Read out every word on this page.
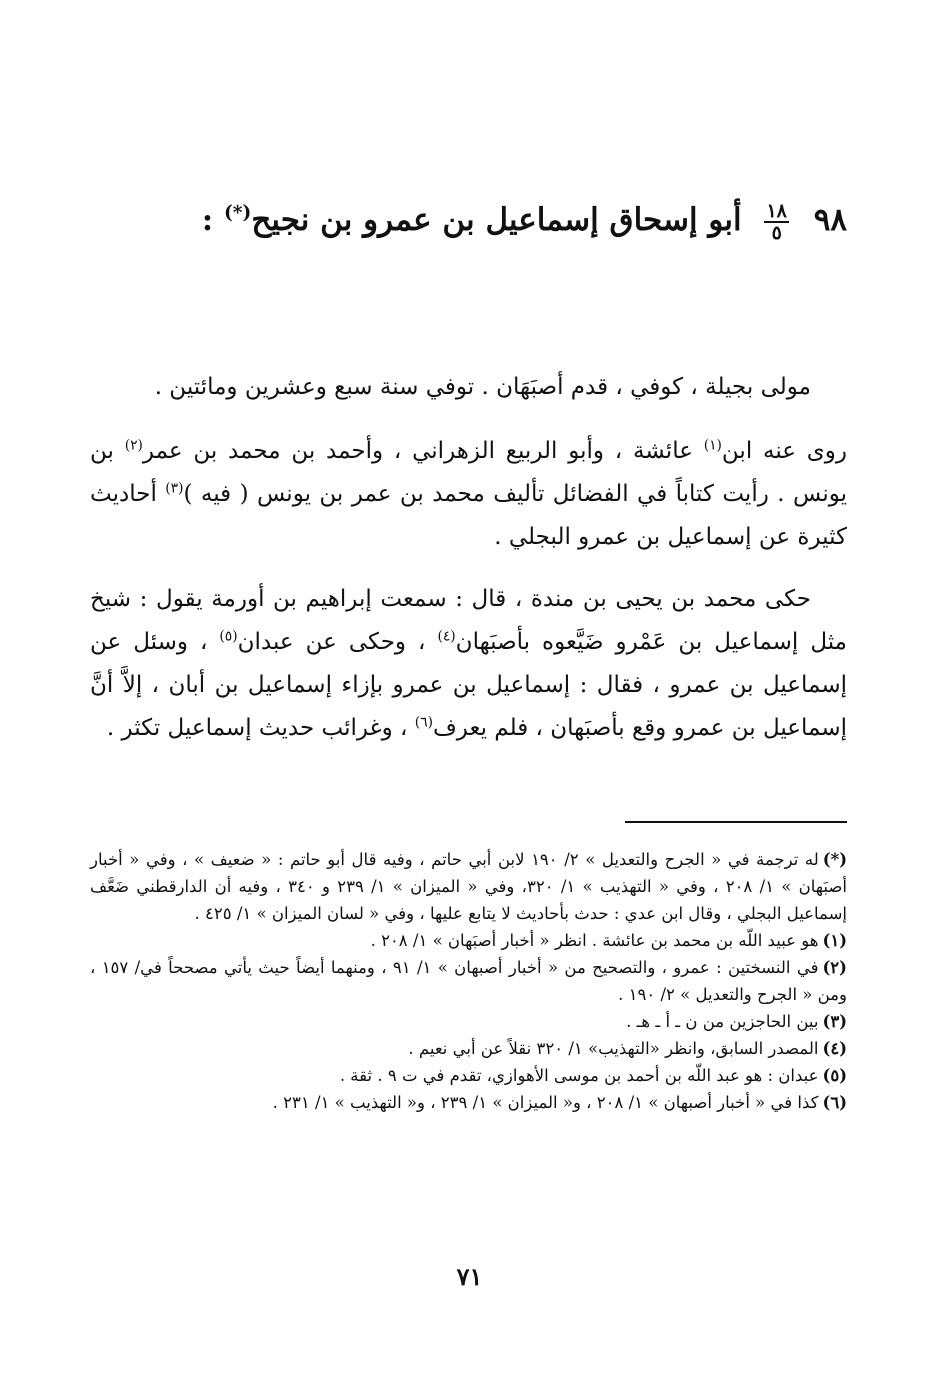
٩٨
$\frac{١٨}{٥}$
أبو إسحاق إسماعيل بن عمرو بن نجيح(*) :

مولى بجيلة ، كوفي ، قدم أصبَهَان . توفي سنة سبع وعشرين ومائتين .

روى عنه ابن$^{(١)}$ عائشة ، وأبو الربيع الزهراني ، وأحمد بن محمد بن عمر$^{(٢)}$ بن يونس . رأيت كتاباً في الفضائل تأليف محمد بن عمر بن يونس ( فيه )$^{(٣)}$ أحاديث كثيرة عن إسماعيل بن عمرو البجلي .

حكى محمد بن يحيى بن مندة ، قال : سمعت إبراهيم بن أورمة يقول : شيخ مثل إسماعيل بن عَمْرو ضَيَّعوه بأصبَهان$^{(٤)}$ ، وحكى عن عبدان$^{(٥)}$ ، وسئل عن إسماعيل بن عمرو ، فقال : إسماعيل بن عمرو بإزاء إسماعيل بن أبان ، إلاَّ أنَّ إسماعيل بن عمرو وقع بأصبَهان ، فلم يعرف$^{(٦)}$ ، وغرائب حديث إسماعيل تكثر .

(*)له ترجمة في « الجرح والتعديل » ٢/ ١٩٠ لابن أبي حاتم ، وفيه قال أبو حاتم : « ضعيف » ، وفي « أخبار أصبَهان » ١/ ٢٠٨ ، وفي « التهذيب » ١/ ٣٢٠، وفي « الميزان » ١/ ٢٣٩ و ٣٤٠ ، وفيه أن الدارقطني ضَعَّف إسماعيل البجلي ، وقال ابن عدي : حدث بأحاديث لا يتابع عليها ، وفي « لسان الميزان » ١/ ٤٢٥ .

(١)هو عبيد اللّه بن محمد بن عائشة . انظر « أخبار أصبَهان » ١/ ٢٠٨ .

(٢)في النسختين : عمرو ، والتصحيح من « أخبار أصبهان » ١/ ٩١ ، ومنهما أيضاً حيث يأتي مصححاً في/ ١٥٧ ، ومن « الجرح والتعديل » ٢/ ١٩٠ .

(٣)بين الحاجزين من ن ـ أ ـ هـ .

(٤)المصدر السابق، وانظر «التهذيب» ١/ ٣٢٠ نقلاً عن أبي نعيم .

(٥)عبدان : هو عبد اللّه بن أحمد بن موسى الأهوازي، تقدم في ت ٩ . ثقة .

(٦)كذا في « أخبار أصبهان » ١/ ٢٠٨ ، و« الميزان » ١/ ٢٣٩ ، و« التهذيب » ١/ ٢٣١ .

٧١
